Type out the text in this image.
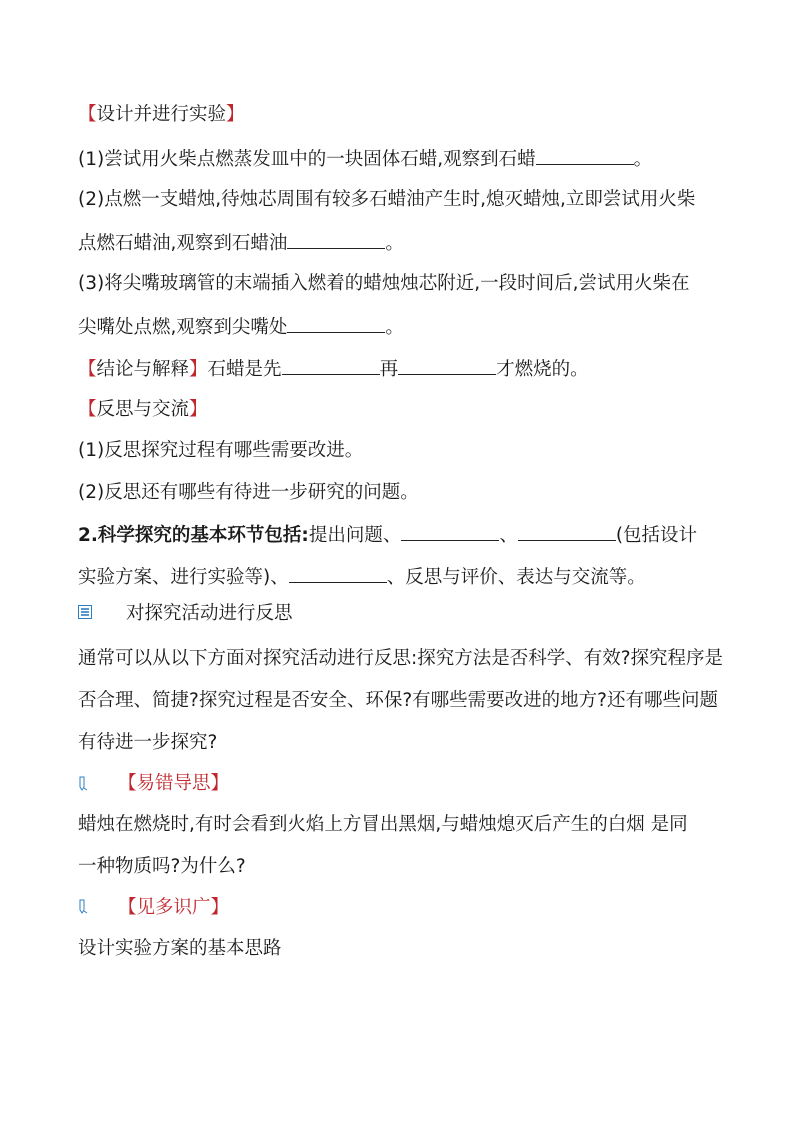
【设计并进行实验】
(1)尝试用火柴点燃蒸发皿中的一块固体石蜡,观察到石蜡	。
(2)点燃一支蜡烛,待烛芯周围有较多石蜡油产生时,熄灭蜡烛,立即尝试用火柴
点燃石蜡油,观察到石蜡油	。
(3)将尖嘴玻璃管的末端插入燃着的蜡烛烛芯附近,一段时间后,尝试用火柴在
尖嘴处点燃,观察到尖嘴处	。
【结论与解释】石蜡是先	再	才燃烧的。
【反思与交流】
(1)反思探究过程有哪些需要改进。
(2)反思还有哪些有待进一步研究的问题。
2.科学探究的基本环节包括:提出问题、	、	(包括设计
实验方案、进行实验等)、	、反思与评价、表达与交流等。
对探究活动进行反思
通常可以从以下方面对探究活动进行反思:探究方法是否科学、有效?探究程序是
否合理、简捷?探究过程是否安全、环保?有哪些需要改进的地方?还有哪些问题
有待进一步探究?
【易错导思】
蜡烛在燃烧时,有时会看到火焰上方冒出黑烟,与蜡烛熄灭后产生的白烟 是同
一种物质吗?为什么?
【见多识广】
设计实验方案的基本思路
